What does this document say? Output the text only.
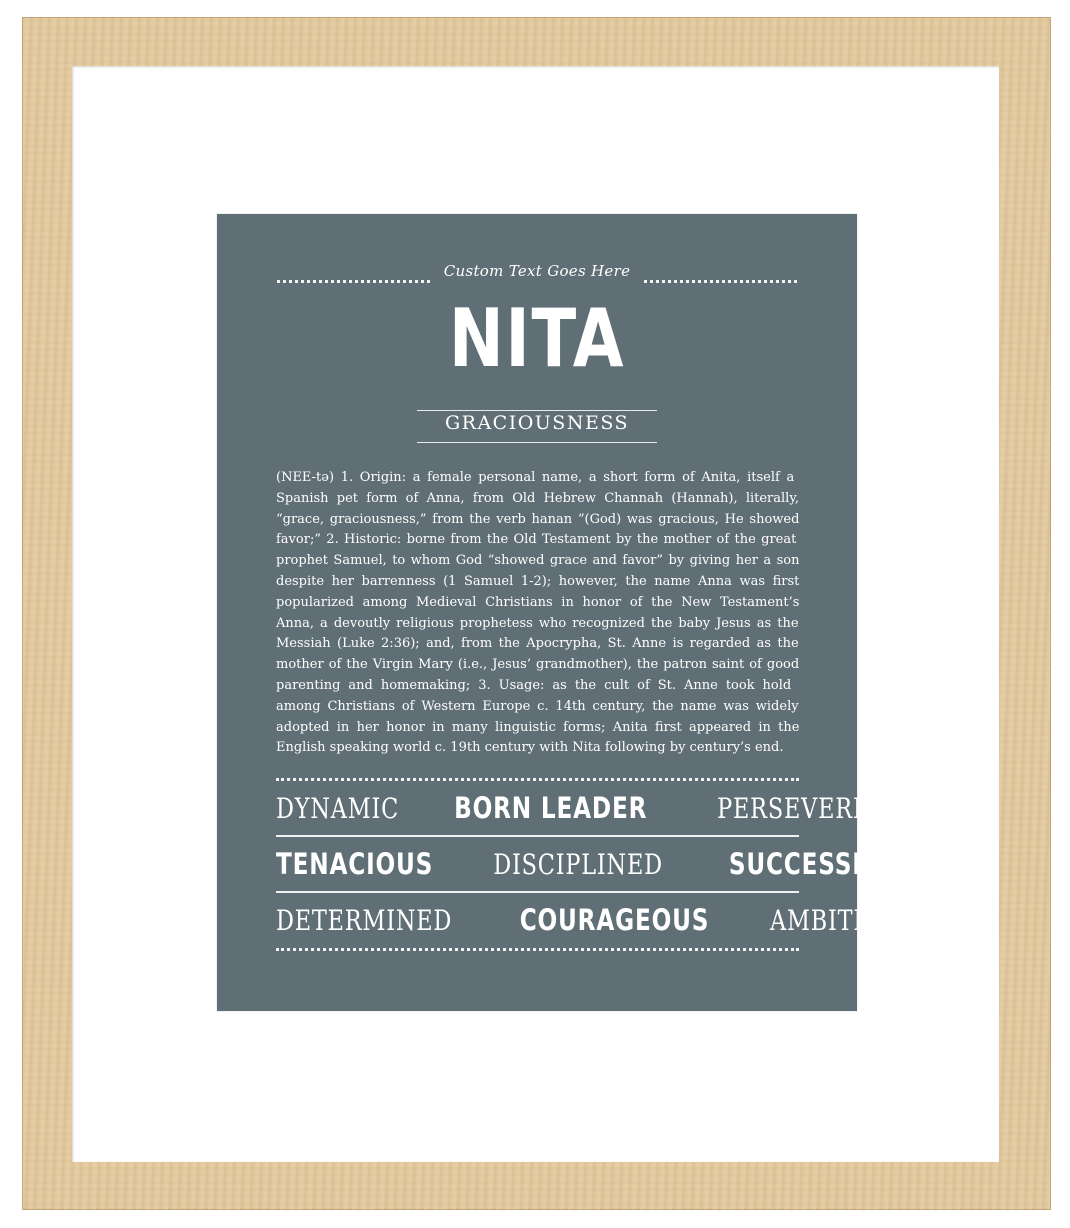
Custom Text Goes Here
NITA
GRACIOUSNESS
(NEE-tə) 1. Origin: a female personal name, a short form of Anita, itself a
Spanish pet form of Anna, from Old Hebrew Channah (Hannah), literally,
“grace, graciousness,” from the verb hanan “(God) was gracious, He showed
favor;” 2. Historic: borne from the Old Testament by the mother of the great
prophet Samuel, to whom God “showed grace and favor” by giving her a son
despite her barrenness (1 Samuel 1-2); however, the name Anna was first
popularized among Medieval Christians in honor of the New Testament’s
Anna, a devoutly religious prophetess who recognized the baby Jesus as the
Messiah (Luke 2:36); and, from the Apocrypha, St. Anne is regarded as the
mother of the Virgin Mary (i.e., Jesus’ grandmother), the patron saint of good
parenting and homemaking; 3. Usage: as the cult of St. Anne took hold
among Christians of Western Europe c. 14th century, the name was widely
adopted in her honor in many linguistic forms; Anita first appeared in the
English speaking world c. 19th century with Nita following by century’s end.
DYNAMIC BORN LEADER	PERSEVERING
TENACIOUS DISCIPLINED SUCCESSFUL
DETERMINED COURAGEOUS AMBITIOUS
